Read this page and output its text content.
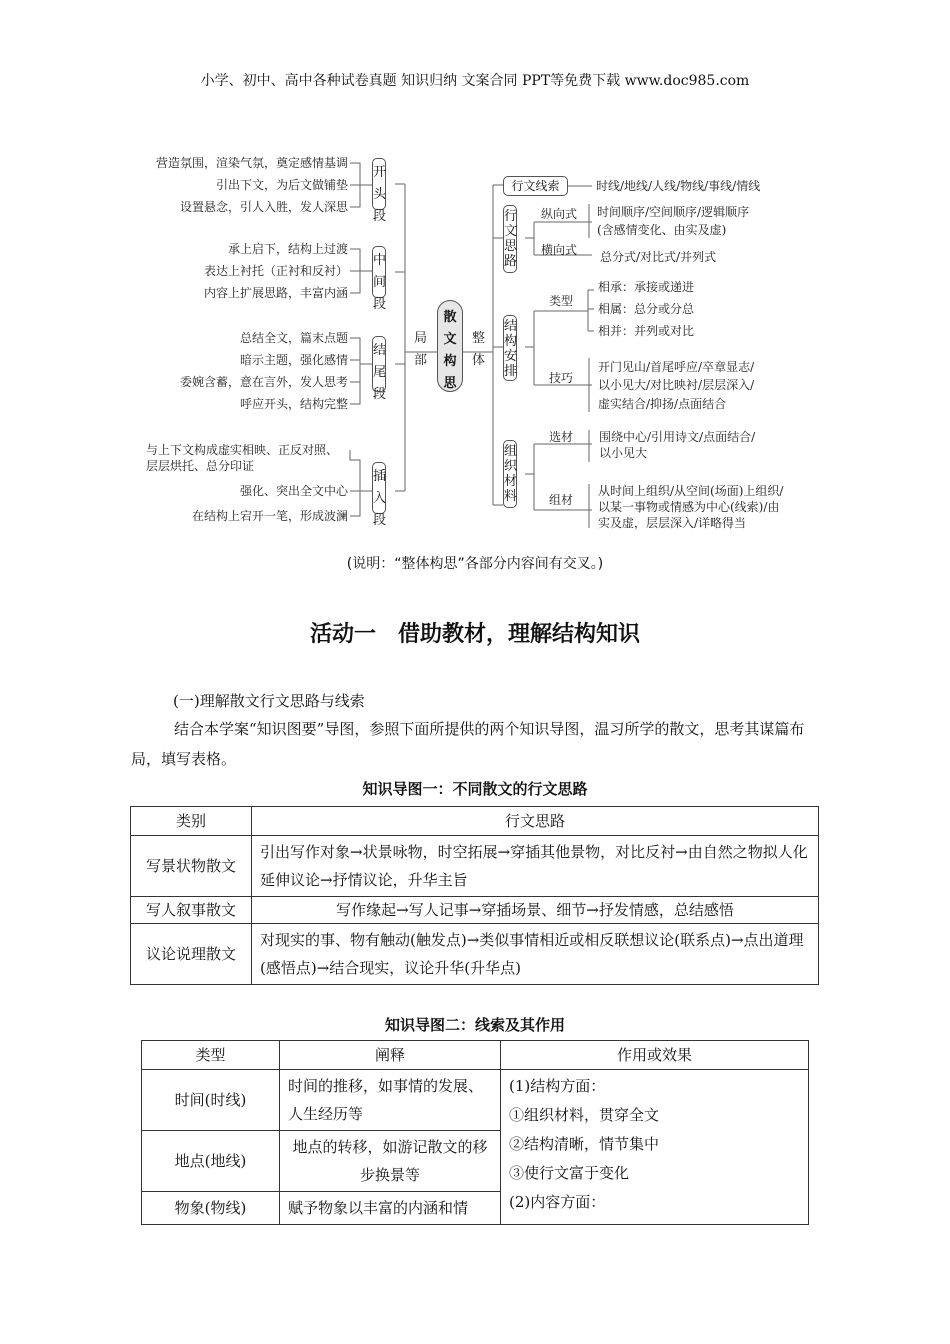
小学、初中、高中各种试卷真题 知识归纳 文案合同 PPT等免费下载 www.doc985.com
营造氛围，渲染气氛，奠定感情基调
引出下文，为后文做铺垫
设置悬念，引人入胜，发人深思
承上启下，结构上过渡
表达上衬托（正衬和反衬）
内容上扩展思路，丰富内涵
总结全文，篇末点题
暗示主题，强化感情
委婉含蓄，意在言外，发人思考
呼应开头，结构完整
与上下文构成虚实相映、正反对照、
层层烘托、总分印证
强化、突出全文中心
在结构上宕开一笔，形成波澜
开头段
中间段
结尾段
插入段
局部
散文构思
整体
行文线索	时线/地线/人线/物线/事线/情线
行文思路
纵向式 时间顺序/空间顺序/逻辑顺序
(含感情变化、由实及虚)
横向式 总分式/对比式/并列式
结构安排
类型
相承：承接或递进
相属：总分或分总
相并：并列或对比
技巧
开门见山/首尾呼应/卒章显志/
以小见大/对比映衬/层层深入/
虚实结合/抑扬/点面结合
组织材料
选材 围绕中心/引用诗文/点面结合/
以小见大
组材
从时间上组织/从空间(场面)上组织/
以某一事物或情感为中心(线索)/由
实及虚，层层深入/详略得当
(说明：“整体构思”各部分内容间有交叉。)
活动一　借助教材，理解结构知识
(一)理解散文行文思路与线索
结合本学案“知识图要”导图，参照下面所提供的两个知识导图，温习所学的散文，思考其谋篇布局，填写表格。
知识导图一：不同散文的行文思路
类别	行文思路
写景状物散文	引出写作对象→状景咏物，时空拓展→穿插其他景物，对比反衬→由自然之物拟人化延伸议论→抒情议论，升华主旨
写人叙事散文	写作缘起→写人记事→穿插场景、细节→抒发情感，总结感悟
议论说理散文	对现实的事、物有触动(触发点)→类似事情相近或相反联想议论(联系点)→点出道理(感悟点)→结合现实，议论升华(升华点)
知识导图二：线索及其作用
类型	阐释	作用或效果
时间(时线)	时间的推移，如事情的发展、人生经历等	(1)结构方面：
①组织材料，贯穿全文
②结构清晰，情节集中
③使行文富于变化
(2)内容方面：

地点(地线)	地点的转移，如游记散文的移步换景等	
物象(物线)	赋予物象以丰富的内涵和情	
